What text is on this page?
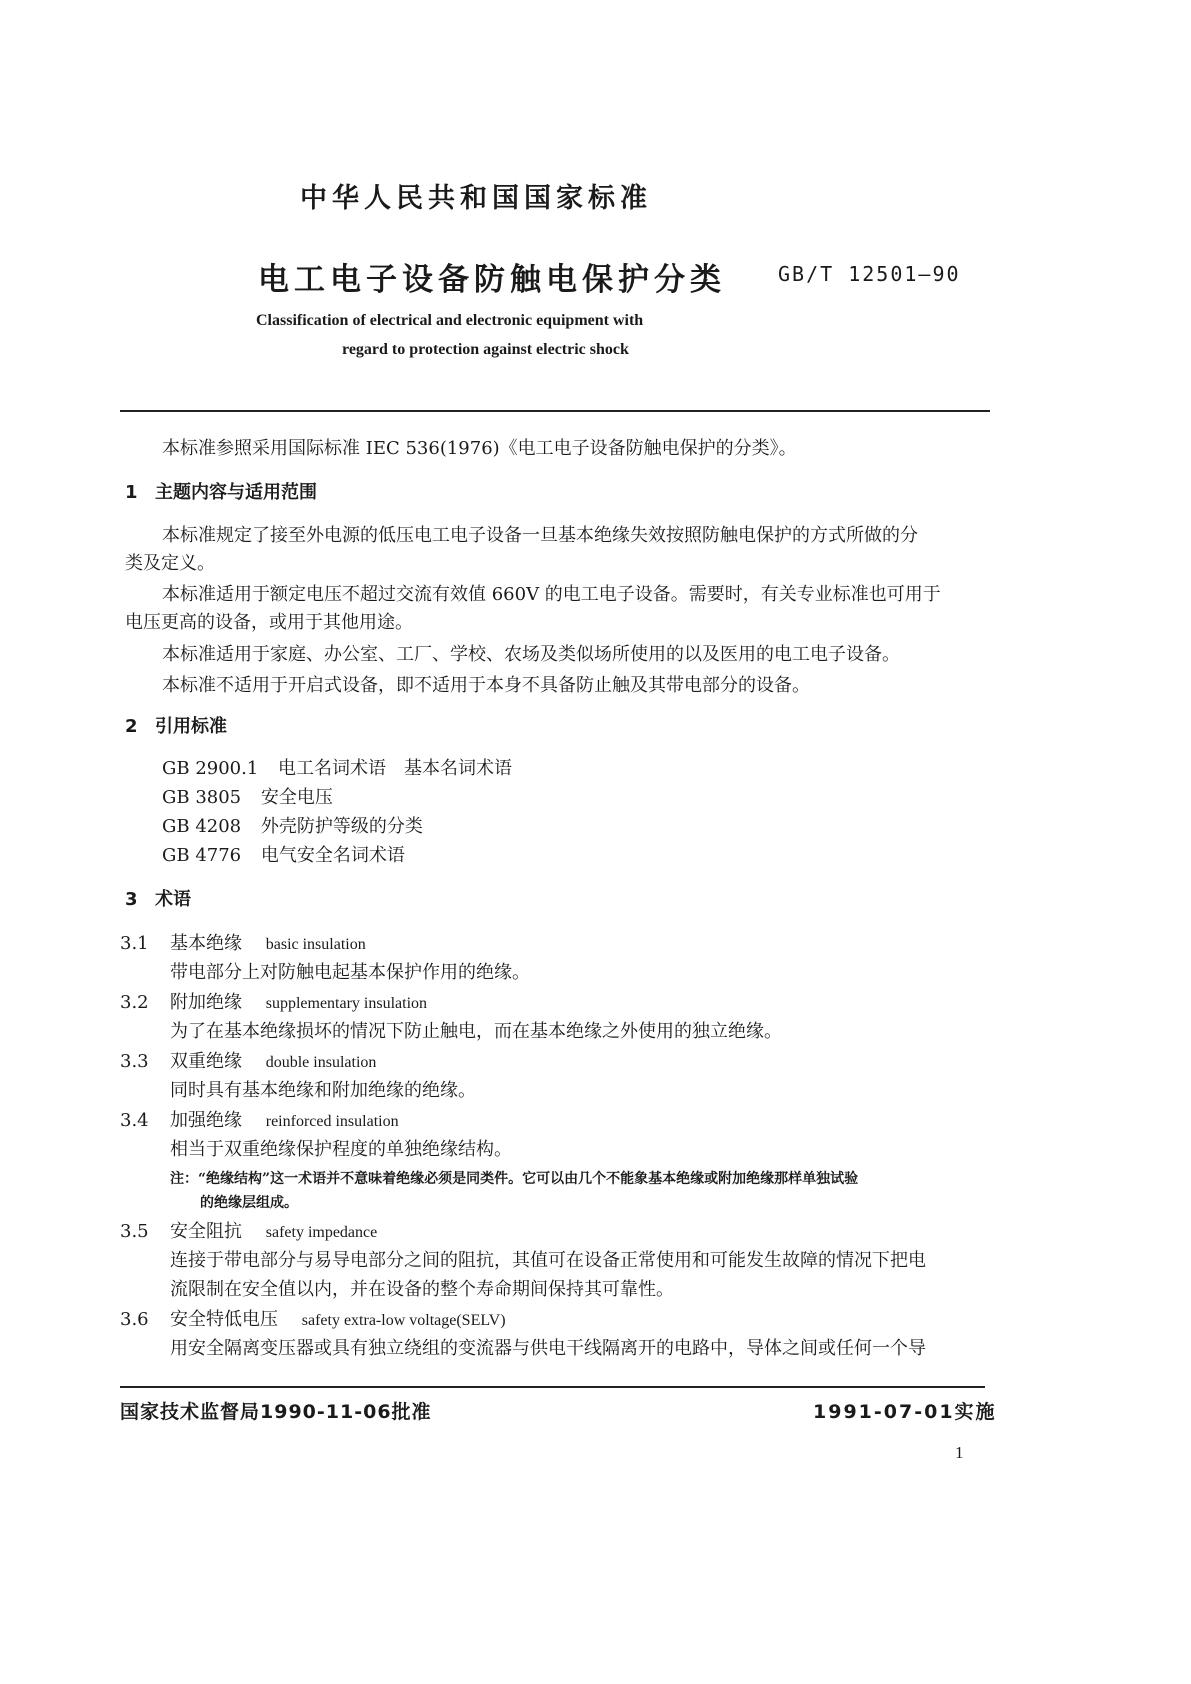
中华人民共和国国家标准
电工电子设备防触电保护分类	GB/T 12501—90
Classification of electrical and electronic equipment with
regard to protection against electric shock
本标准参照采用国际标准 IEC 536(1976)《电工电子设备防触电保护的分类》。
1 主题内容与适用范围
本标准规定了接至外电源的低压电工电子设备一旦基本绝缘失效按照防触电保护的方式所做的分
类及定义。
本标准适用于额定电压不超过交流有效值 660V 的电工电子设备。需要时，有关专业标准也可用于
电压更高的设备，或用于其他用途。
本标准适用于家庭、办公室、工厂、学校、农场及类似场所使用的以及医用的电工电子设备。
本标准不适用于开启式设备，即不适用于本身不具备防止触及其带电部分的设备。
2 引用标准
GB 2900.1 电工名词术语　基本名词术语
GB 3805 安全电压
GB 4208 外壳防护等级的分类
GB 4776 电气安全名词术语
3 术语
3.1 基本绝缘 basic insulation
带电部分上对防触电起基本保护作用的绝缘。
3.2 附加绝缘 supplementary insulation
为了在基本绝缘损坏的情况下防止触电，而在基本绝缘之外使用的独立绝缘。
3.3 双重绝缘 double insulation
同时具有基本绝缘和附加绝缘的绝缘。
3.4 加强绝缘 reinforced insulation
相当于双重绝缘保护程度的单独绝缘结构。
注：“绝缘结构”这一术语并不意味着绝缘必须是同类件。它可以由几个不能象基本绝缘或附加绝缘那样单独试验
的绝缘层组成。
3.5 安全阻抗 safety impedance
连接于带电部分与易导电部分之间的阻抗，其值可在设备正常使用和可能发生故障的情况下把电
流限制在安全值以内，并在设备的整个寿命期间保持其可靠性。
3.6 安全特低电压 safety extra-low voltage(SELV)
用安全隔离变压器或具有独立绕组的变流器与供电干线隔离开的电路中，导体之间或任何一个导
国家技术监督局1990-11-06批准	1991-07-01实施
1
